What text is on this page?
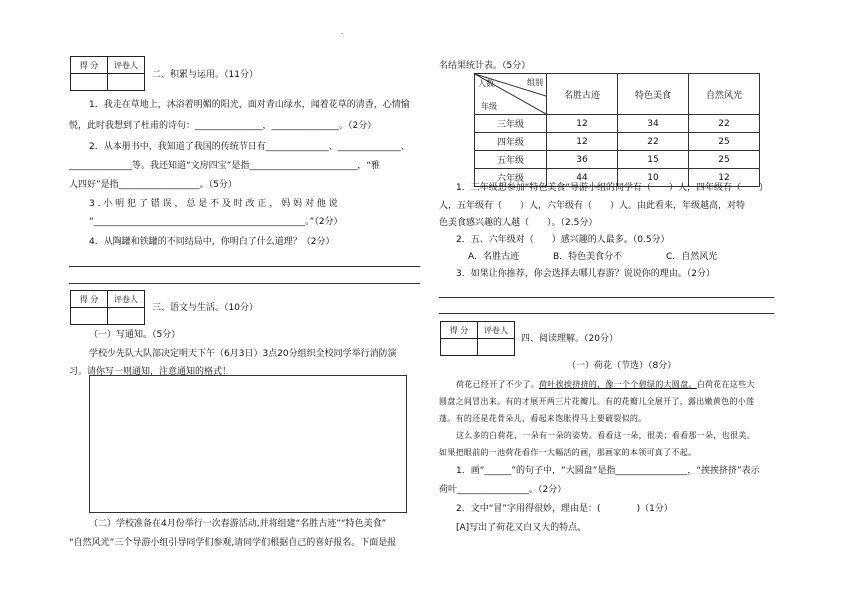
·
得 分	评卷人

二、积累与运用。（11分）
1．我走在草地上，沐浴着明媚的阳光，面对青山绿水，闻着花草的清香，心情愉
悦，此时我想到了杜甫的诗句：_______________，_______________。（2分）
2．从本册书中，我知道了我国的传统节日有______________、______________、
______________等。我还知道“文房四宝”是指________________________，“雅
人四好”是指__________________。（5分）
3 . 小 明 犯 了 错 误 ， 总 是 不 及 时 改 正 ， 妈 妈 对 他 说
“_______________________________________________。”（2分）
4．从陶罐和铁罐的不同结局中，你明白了什么道理？（2分）
得 分	评卷人

三、语文与生活。（10分）
（一）写通知。（5分）
学校少先队大队部决定明天下午（6月3日）3点20分组织全校同学举行消防演
习。请你写一则通知，注意通知的格式！
（二）学校准备在4月份举行一次春游活动,并将组建“名胜古迹”“特色美食”
“自然风光”三个导游小组引导同学们参观,请同学们根据自己的喜好报名。下面是报
名结果统计表。（5分）
组别
人数
年级	名胜古迹	特色美食	自然风光
三年级	12	34	22
四年级	12	22	25
五年级	36	15	25
六年级	44	10	12
1．三年级想参加“特色美食”导游小组的同学有（　　）人，四年级有（　　）
人，五年级有（　　）人，六年级有（　　）人。由此看来，年级越高，对特
色美食感兴趣的人越（　　）。（2.5分）
2．五、六年级对（　　）感兴趣的人最多。（0.5分）
A．名胜古迹	B．特色美食分不	C．自然风光
3．如果让你推荐，你会选择去哪儿春游？说说你的理由。（2分）
得 分	评卷人

四、阅读理解。（20分）
（一）荷花（节选）（8分）
荷花已经开了不少了。荷叶挨挨挤挤的，像一个个碧绿的大圆盘。白荷花在这些大
圆盘之间冒出来。有的才展开两三片花瓣儿。有的花瓣儿全展开了，露出嫩黄色的小莲
蓬。有的还是花骨朵儿，看起来饱胀得马上要破裂似的。
这么多的白荷花，一朵有一朵的姿势。看看这一朵，很美；看看那一朵，也很美。
如果把眼前的一池荷花看作一大幅活的画，那画家的本领可真了不起。
1．画“______”的句子中，“大圆盘”是指________________，“挨挨挤挤”表示
荷叶________________。（2分）
2．文中“冒”字用得很妙，理由是：(　　　　)（1分）
[A]写出了荷花又白又大的特点。
